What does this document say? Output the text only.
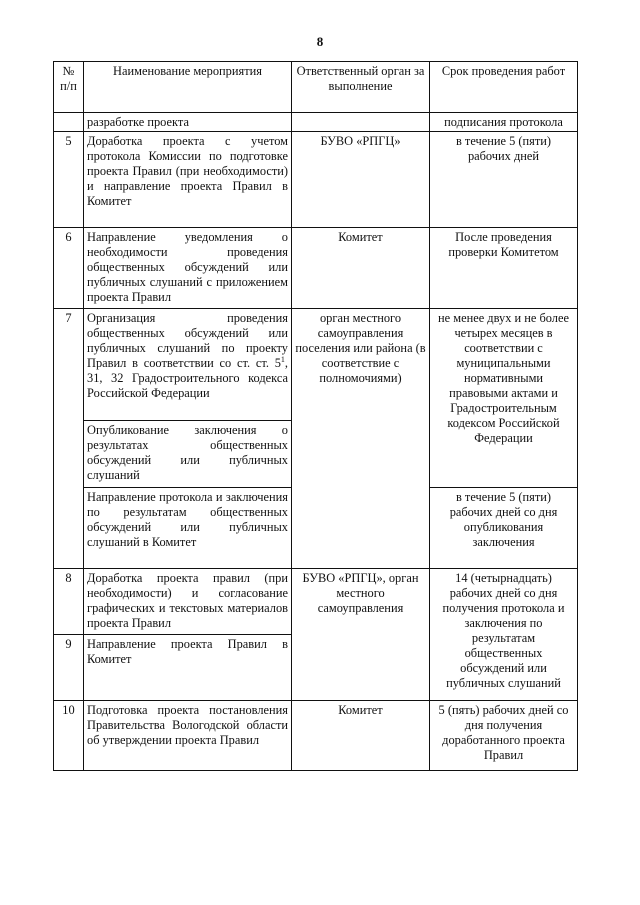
8
№ п/п	Наименование мероприятия	Ответственный орган за выполнение	Срок проведения работ
	разработке проекта		подписания протокола
5	Доработка проекта с учетом протокола Комиссии по подготовке проекта Правил (при необходимости) и направление проекта Правил в Комитет	БУВО «РПГЦ»	в течение 5 (пяти) рабочих дней
6	Направление уведомления о необходимости проведения общественных обсуждений или публичных слушаний с приложением проекта Правил	Комитет	После проведения проверки Комитетом
7	Организация проведения общественных обсуждений или публичных слушаний по проекту Правил в соответствии со ст. ст. $5^1$, 31, 32 Градостроительного кодекса Российской Федерации	орган местного самоуправления поселения или района (в соответствие с полномочиями)	не менее двух и не более четырех месяцев в соответствии с муниципальными нормативными правовыми актами и Градостроительным кодексом Российской Федерации
	Опубликование заключения о результатах общественных обсуждений или публичных слушаний		
	Направление протокола и заключения по результатам общественных обсуждений или публичных слушаний в Комитет		в течение 5 (пяти) рабочих дней со дня опубликования заключения
8	Доработка проекта правил (при необходимости) и согласование графических и текстовых материалов проекта Правил	БУВО «РПГЦ», орган местного самоуправления	14 (четырнадцать) рабочих дней со дня получения протокола и заключения по результатам общественных обсуждений или публичных слушаний
9	Направление проекта Правил в Комитет		
10	Подготовка проекта постановления Правительства Вологодской области об утверждении проекта Правил	Комитет	5 (пять) рабочих дней со дня получения доработанного проекта Правил
